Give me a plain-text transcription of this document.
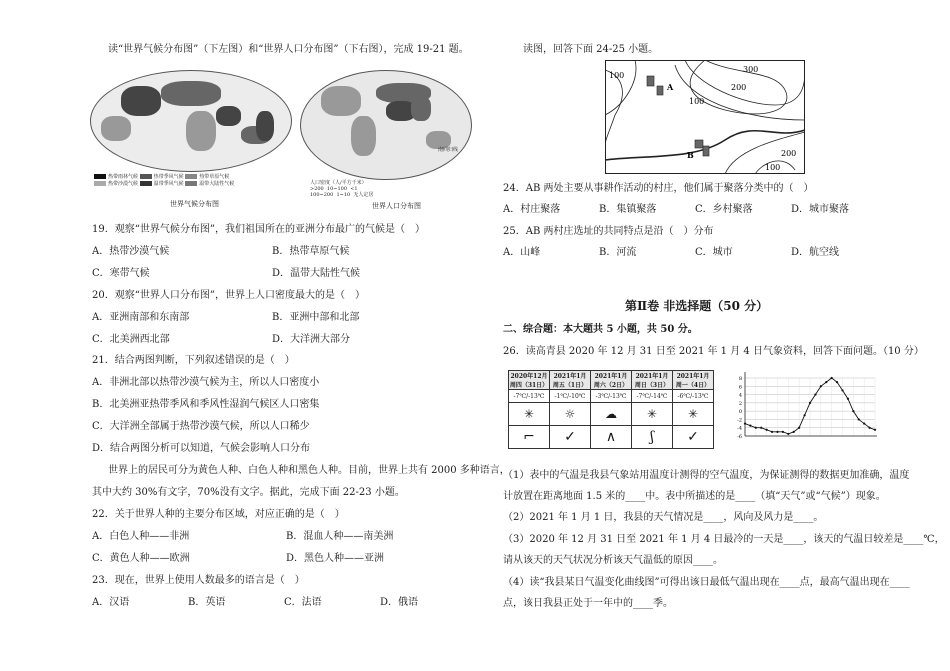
读“世界气候分布图”（下左图）和“世界人口分布图”（下右图），完成 19-21 题。
热带雨林气候	热带季风气候	热带草原气候
热带沙漠气候	温带季风气候	温带大陆性气候
世界气候分布图
南回归线
人口密度（人/平方千米）
>200 10~100 <1
100~200 1~10 无人定居
世界人口分布图
19．观察“世界气候分布图”，我们祖国所在的亚洲分布最广的气候是（　）
A．热带沙漠气候	B．热带草原气候
C．寒带气候	D．温带大陆性气候
20．观察“世界人口分布图”，世界上人口密度最大的是（　）
A．亚洲南部和东南部	B．亚洲中部和北部
C．北美洲西北部	D．大洋洲大部分
21．结合两图判断，下列叙述错误的是（　）
A．非洲北部以热带沙漠气候为主，所以人口密度小
B．北美洲亚热带季风和季风性湿润气候区人口密集
C．大洋洲全部属于热带沙漠气候，所以人口稀少
D．结合两图分析可以知道，气候会影响人口分布
世界上的居民可分为黄色人种、白色人种和黑色人种。目前，世界上共有 2000 多种语言，
其中大约 30%有文字，70%没有文字。据此，完成下面 22-23 小题。
22．关于世界人种的主要分布区域，对应正确的是（　）
A．白色人种——非洲	B．混血人种——南美洲
C．黄色人种——欧洲	D．黑色人种——亚洲
23．现在，世界上使用人数最多的语言是（　）
A．汉语	B．英语	C．法语	D．俄语
读图，回答下面 24-25 小题。
100
300
A	200
100
B	200
100
24．AB 两处主要从事耕作活动的村庄，他们属于聚落分类中的（　）
A．村庄聚落	B．集镇聚落	C．乡村聚落	D．城市聚落
25．AB 两村庄选址的共同特点是沿（　）分布
A．山峰	B．河流	C．城市	D．航空线
第Ⅱ卷 非选择题（50 分）
二、综合题：本大题共 5 小题，共 50 分。
26．读高青县 2020 年 12 月 31 日至 2021 年 1 月 4 日气象资料，回答下面问题。（10 分）
2020年12月 周四（31日）	2021年1月 周五（1日）	2021年1月 周六（2日）	2021年1月 周日（3日）	2021年1月 周一（4日）
-7℃/-13℃	-1℃/-10℃	-3℃/-13℃	-7℃/-14℃	-6℃/-13℃
✳	☼	☁	✳	✳
⌐	✓	∧	ʃ	✓	-6
-4
-2
0
2
4
6
8
（1）表中的气温是我县气象站用温度计测得的空气温度，为保证测得的数据更加准确，温度
计放置在距离地面 1.5 米的____中。表中所描述的是____（填“天气”或“气候”）现象。
（2）2021 年 1 月 1 日，我县的天气情况是____，风向及风力是____。
（3）2020 年 12 月 31 日至 2021 年 1 月 4 日最冷的一天是____，该天的气温日较差是____℃，
请从该天的天气状况分析该天气温低的原因____。
（4）读“我县某日气温变化曲线图”可得出该日最低气温出现在____点，最高气温出现在____
点，该日我县正处于一年中的____季。
